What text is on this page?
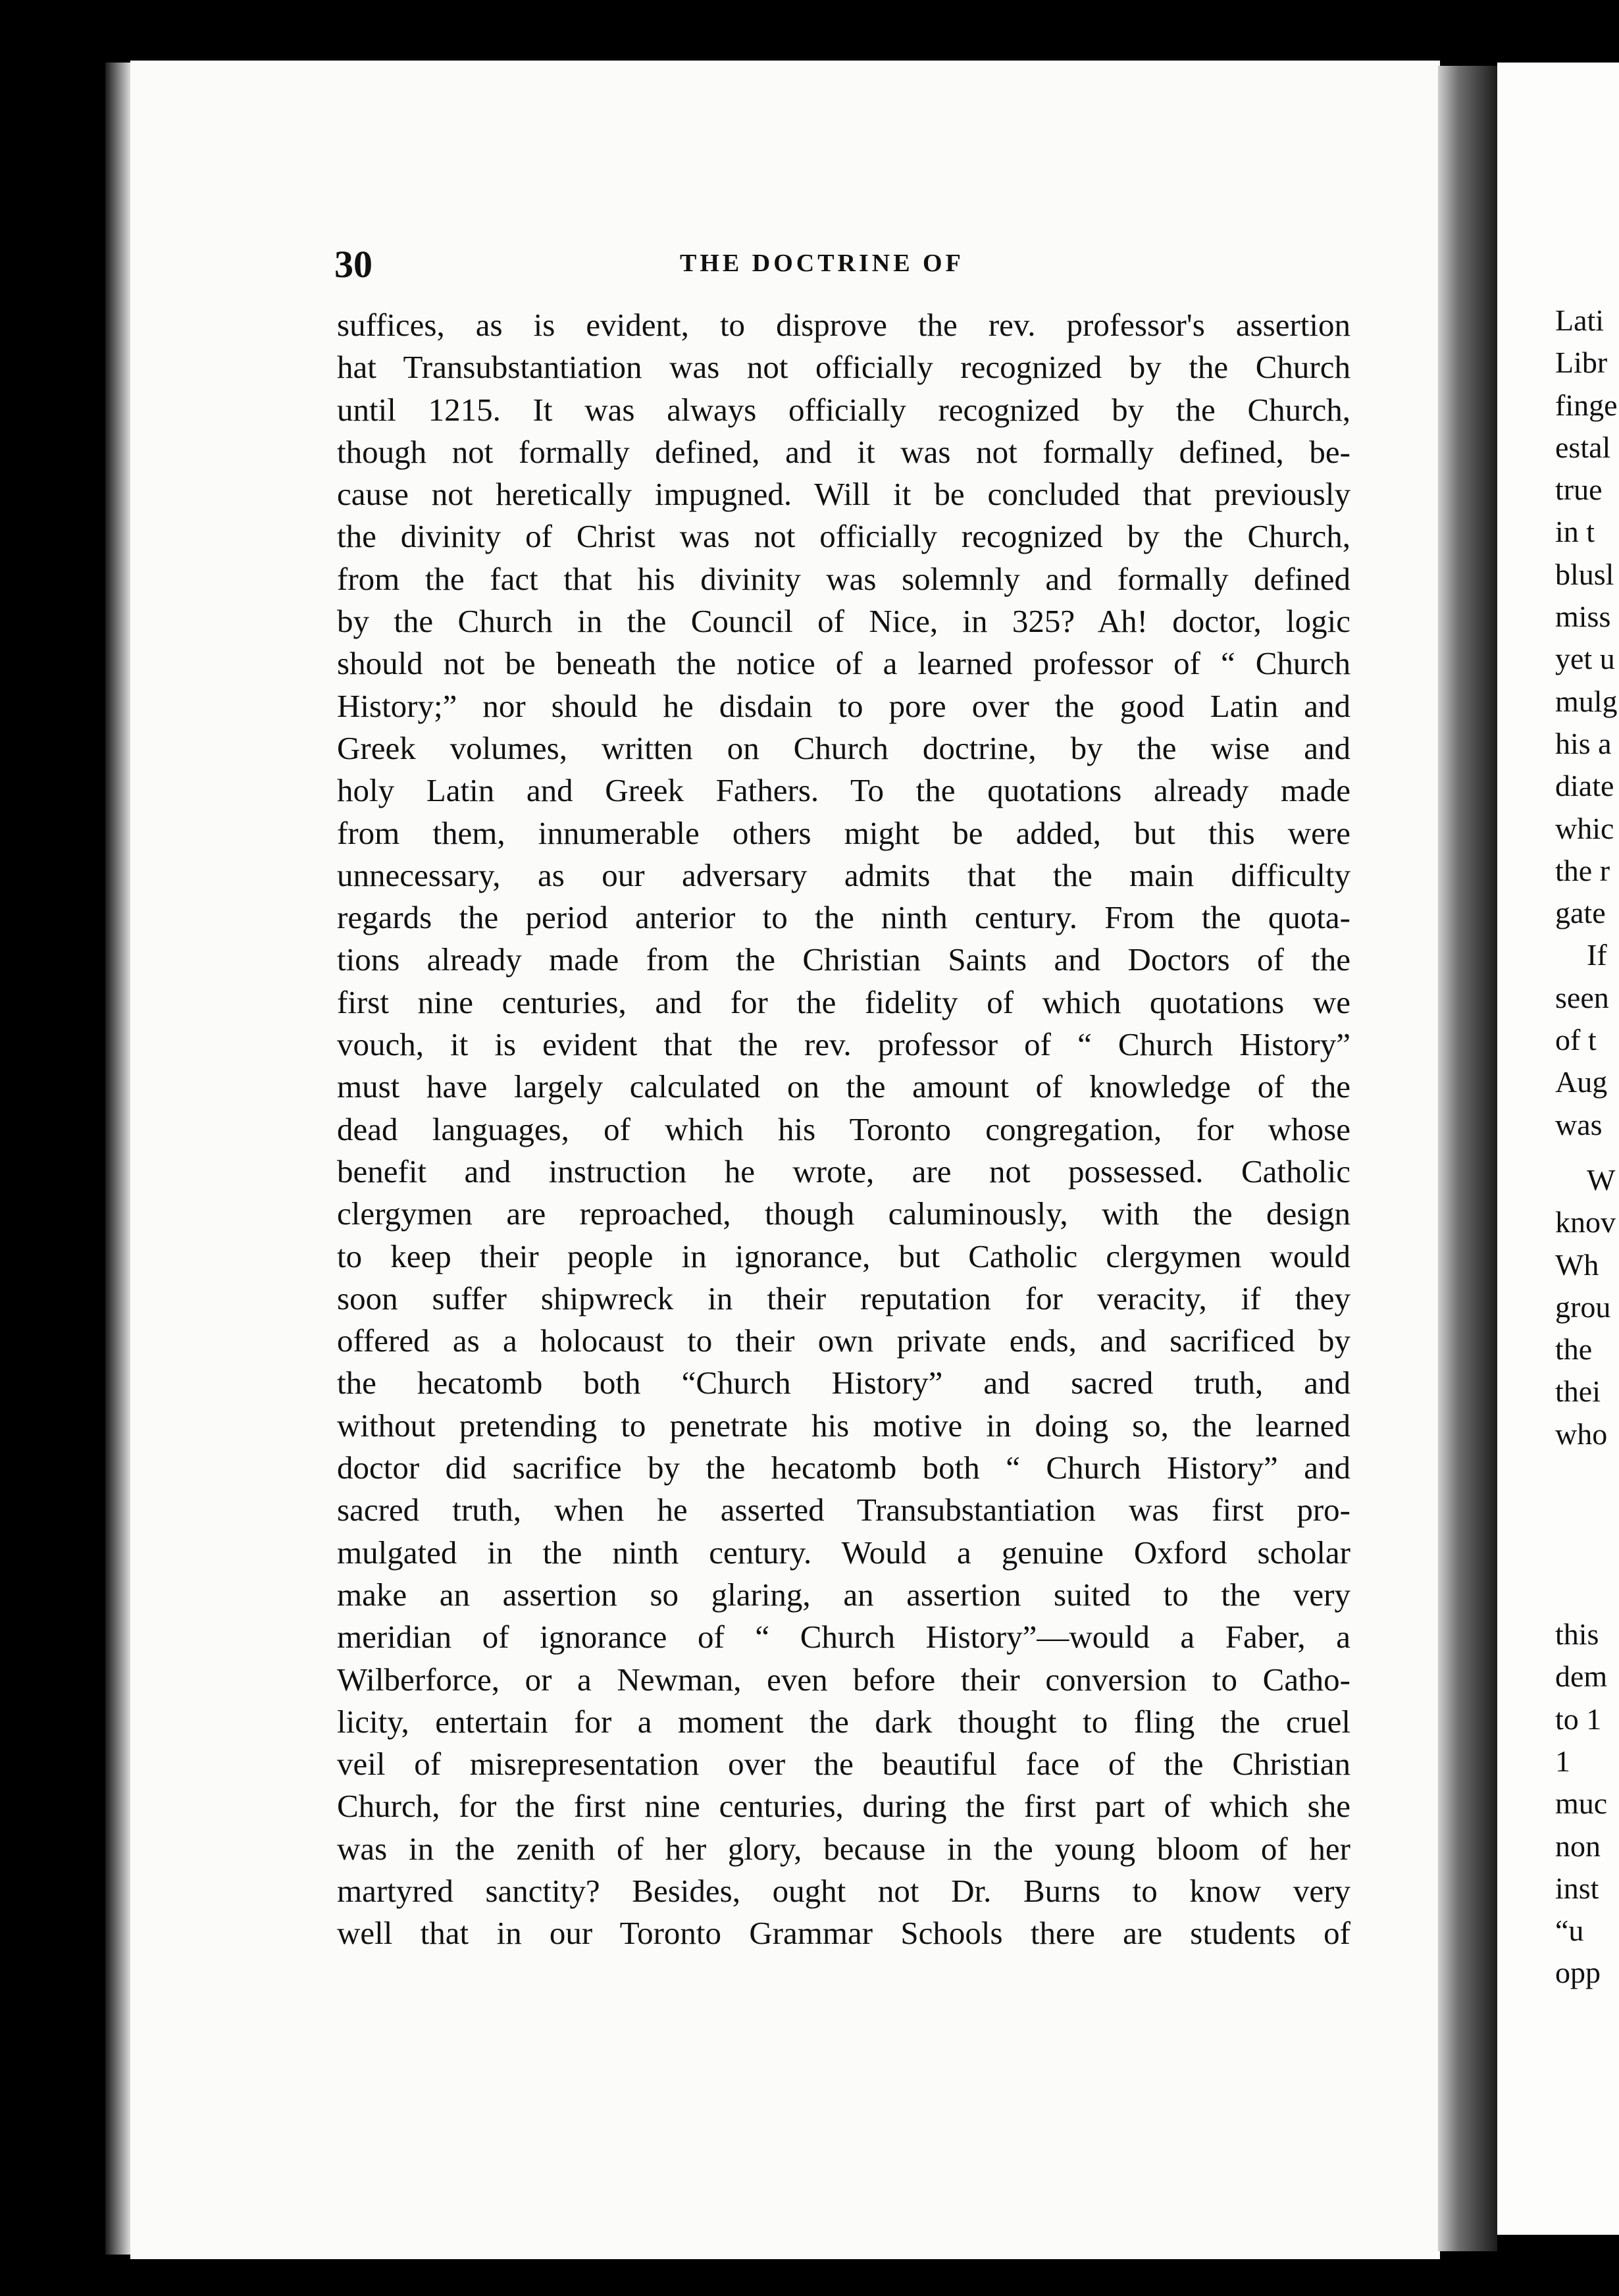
30	THE DOCTRINE OF
suffices, as is evident, to disprove the rev. professor's assertion
hat Transubstantiation was not officially recognized by the Church
until 1215. It was always officially recognized by the Church,
though not formally defined, and it was not formally defined, be-
cause not heretically impugned. Will it be concluded that previously
the divinity of Christ was not officially recognized by the Church,
from the fact that his divinity was solemnly and formally defined
by the Church in the Council of Nice, in 325? Ah! doctor, logic
should not be beneath the notice of a learned professor of “ Church
History;” nor should he disdain to pore over the good Latin and
Greek volumes, written on Church doctrine, by the wise and
holy Latin and Greek Fathers. To the quotations already made
from them, innumerable others might be added, but this were
unnecessary, as our adversary admits that the main difficulty
regards the period anterior to the ninth century. From the quota-
tions already made from the Christian Saints and Doctors of the
first nine centuries, and for the fidelity of which quotations we
vouch, it is evident that the rev. professor of “ Church History”
must have largely calculated on the amount of knowledge of the
dead languages, of which his Toronto congregation, for whose
benefit and instruction he wrote, are not possessed. Catholic
clergymen are reproached, though caluminously, with the design
to keep their people in ignorance, but Catholic clergymen would
soon suffer shipwreck in their reputation for veracity, if they
offered as a holocaust to their own private ends, and sacrificed by
the hecatomb both “Church History” and sacred truth, and
without pretending to penetrate his motive in doing so, the learned
doctor did sacrifice by the hecatomb both “ Church History” and
sacred truth, when he asserted Transubstantiation was first pro-
mulgated in the ninth century. Would a genuine Oxford scholar
make an assertion so glaring, an assertion suited to the very
meridian of ignorance of “ Church History”—would a Faber, a
Wilberforce, or a Newman, even before their conversion to Catho-
licity, entertain for a moment the dark thought to fling the cruel
veil of misrepresentation over the beautiful face of the Christian
Church, for the first nine centuries, during the first part of which she
was in the zenith of her glory, because in the young bloom of her
martyred sanctity? Besides, ought not Dr. Burns to know very
well that in our Toronto Grammar Schools there are students of
Lati
Libr
finge
estal
true
in t
blusl
miss
yet u
mulg
his a
diate
whic
the r
gate
If
seen
of t
Aug
was
W
knov
Wh
grou
the
thei
who
this
dem
to 1
1
muc
non
inst
“u
opp
